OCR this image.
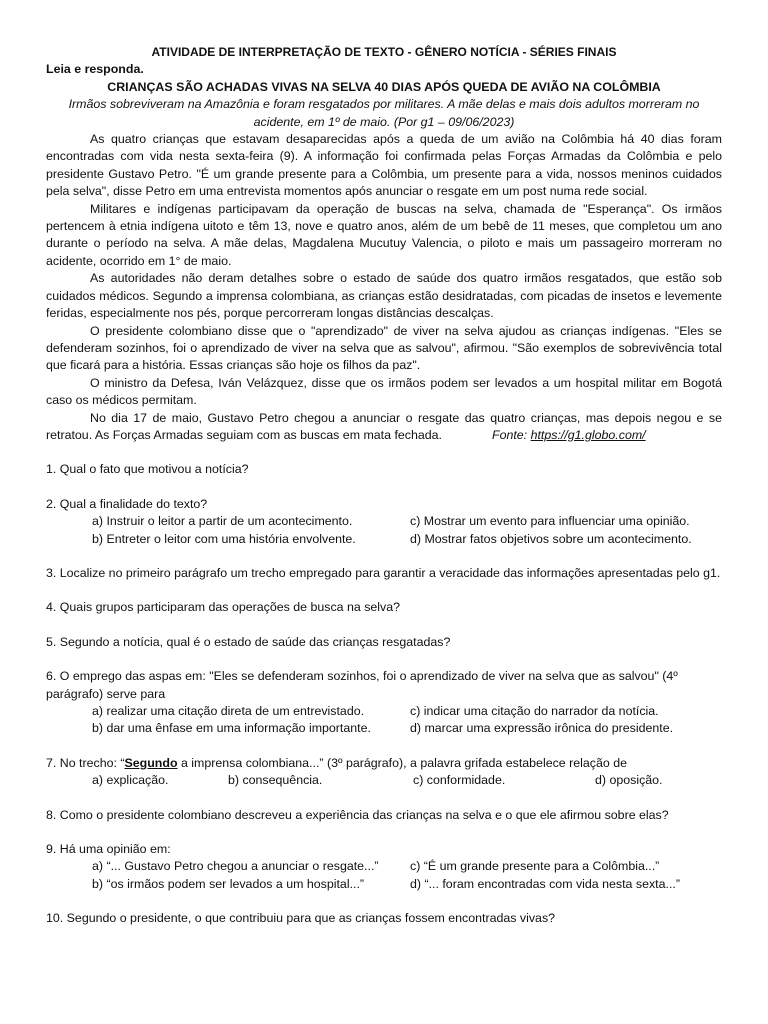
ATIVIDADE DE INTERPRETAÇÃO DE TEXTO - GÊNERO NOTÍCIA - SÉRIES FINAIS

Leia e responda.

CRIANÇAS SÃO ACHADAS VIVAS NA SELVA 40 DIAS APÓS QUEDA DE AVIÃO NA COLÔMBIA

Irmãos sobreviveram na Amazônia e foram resgatados por militares. A mãe delas e mais dois adultos morreram no acidente, em 1º de maio. (Por g1 – 09/06/2023)

As quatro crianças que estavam desaparecidas após a queda de um avião na Colômbia há 40 dias foram encontradas com vida nesta sexta-feira (9). A informação foi confirmada pelas Forças Armadas da Colômbia e pelo presidente Gustavo Petro. "É um grande presente para a Colômbia, um presente para a vida, nossos meninos cuidados pela selva", disse Petro em uma entrevista momentos após anunciar o resgate em um post numa rede social.

Militares e indígenas participavam da operação de buscas na selva, chamada de "Esperança". Os irmãos pertencem à etnia indígena uitoto e têm 13, nove e quatro anos, além de um bebê de 11 meses, que completou um ano durante o período na selva. A mãe delas, Magdalena Mucutuy Valencia, o piloto e mais um passageiro morreram no acidente, ocorrido em 1° de maio.

As autoridades não deram detalhes sobre o estado de saúde dos quatro irmãos resgatados, que estão sob cuidados médicos. Segundo a imprensa colombiana, as crianças estão desidratadas, com picadas de insetos e levemente feridas, especialmente nos pés, porque percorreram longas distâncias descalças.

O presidente colombiano disse que o "aprendizado" de viver na selva ajudou as crianças indígenas. "Eles se defenderam sozinhos, foi o aprendizado de viver na selva que as salvou", afirmou. "São exemplos de sobrevivência total que ficará para a história. Essas crianças são hoje os filhos da paz".

O ministro da Defesa, Iván Velázquez, disse que os irmãos podem ser levados a um hospital militar em Bogotá caso os médicos permitam.

No dia 17 de maio, Gustavo Petro chegou a anunciar o resgate das quatro crianças, mas depois negou e se retratou. As Forças Armadas seguiam com as buscas em mata fechada.	Fonte: https://g1.globo.com/

1. Qual o fato que motivou a notícia?

2. Qual a finalidade do texto?

a) Instruir o leitor a partir de um acontecimento.	c) Mostrar um evento para influenciar uma opinião.
b) Entreter o leitor com uma história envolvente.	d) Mostrar fatos objetivos sobre um acontecimento.

3. Localize no primeiro parágrafo um trecho empregado para garantir a veracidade das informações apresentadas pelo g1.

4. Quais grupos participaram das operações de busca na selva?

5. Segundo a notícia, qual é o estado de saúde das crianças resgatadas?

6. O emprego das aspas em: "Eles se defenderam sozinhos, foi o aprendizado de viver na selva que as salvou" (4º parágrafo) serve para

a) realizar uma citação direta de um entrevistado.	c) indicar uma citação do narrador da notícia.
b) dar uma ênfase em uma informação importante.	d) marcar uma expressão irônica do presidente.

7. No trecho: “Segundo a imprensa colombiana...” (3º parágrafo), a palavra grifada estabelece relação de

a) explicação.	b) consequência.	c) conformidade.	d) oposição.

8. Como o presidente colombiano descreveu a experiência das crianças na selva e o que ele afirmou sobre elas?

9. Há uma opinião em:

a) “... Gustavo Petro chegou a anunciar o resgate...”	c) “É um grande presente para a Colômbia...”
b) “os irmãos podem ser levados a um hospital...”	d) “... foram encontradas com vida nesta sexta...”

10. Segundo o presidente, o que contribuiu para que as crianças fossem encontradas vivas?
